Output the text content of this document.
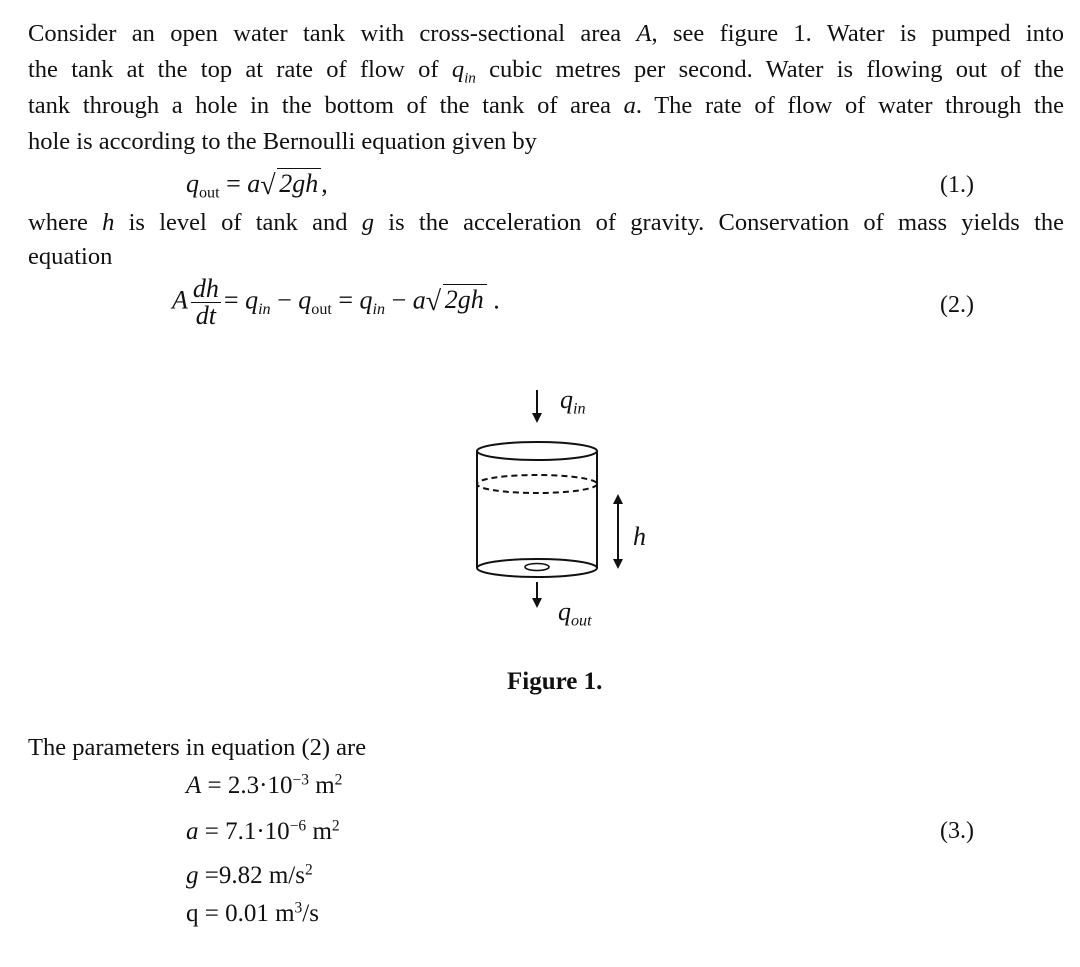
Consider an open water tank with cross-sectional area A, see figure 1. Water is pumped into
the tank at the top at rate of flow of $q_{in}$ cubic metres per second. Water is flowing out of the
tank through a hole in the bottom of the tank of area a. The rate of flow of water through the
hole is according to the Bernoulli equation given by

$q_{out} = a$ √ 2gh ,	(1.)

where h is level of tank and g is the acceleration of gravity. Conservation of mass yields the
equation

A $\frac{dh}{dt} = q_{in} - q_{out} = q_{in} - a$ √ 2gh .	(2.)
$q_{in}$
h
$q_{out}$
Figure 1.

The parameters in equation (2) are

$A = 2.3\cdot 10^{-3}$ $m^2$
$a = 7.1\cdot 10^{-6}$ $m^2$	(3.)
g =9.82 $m/s^2$
q = 0.01 $m^3/s$
